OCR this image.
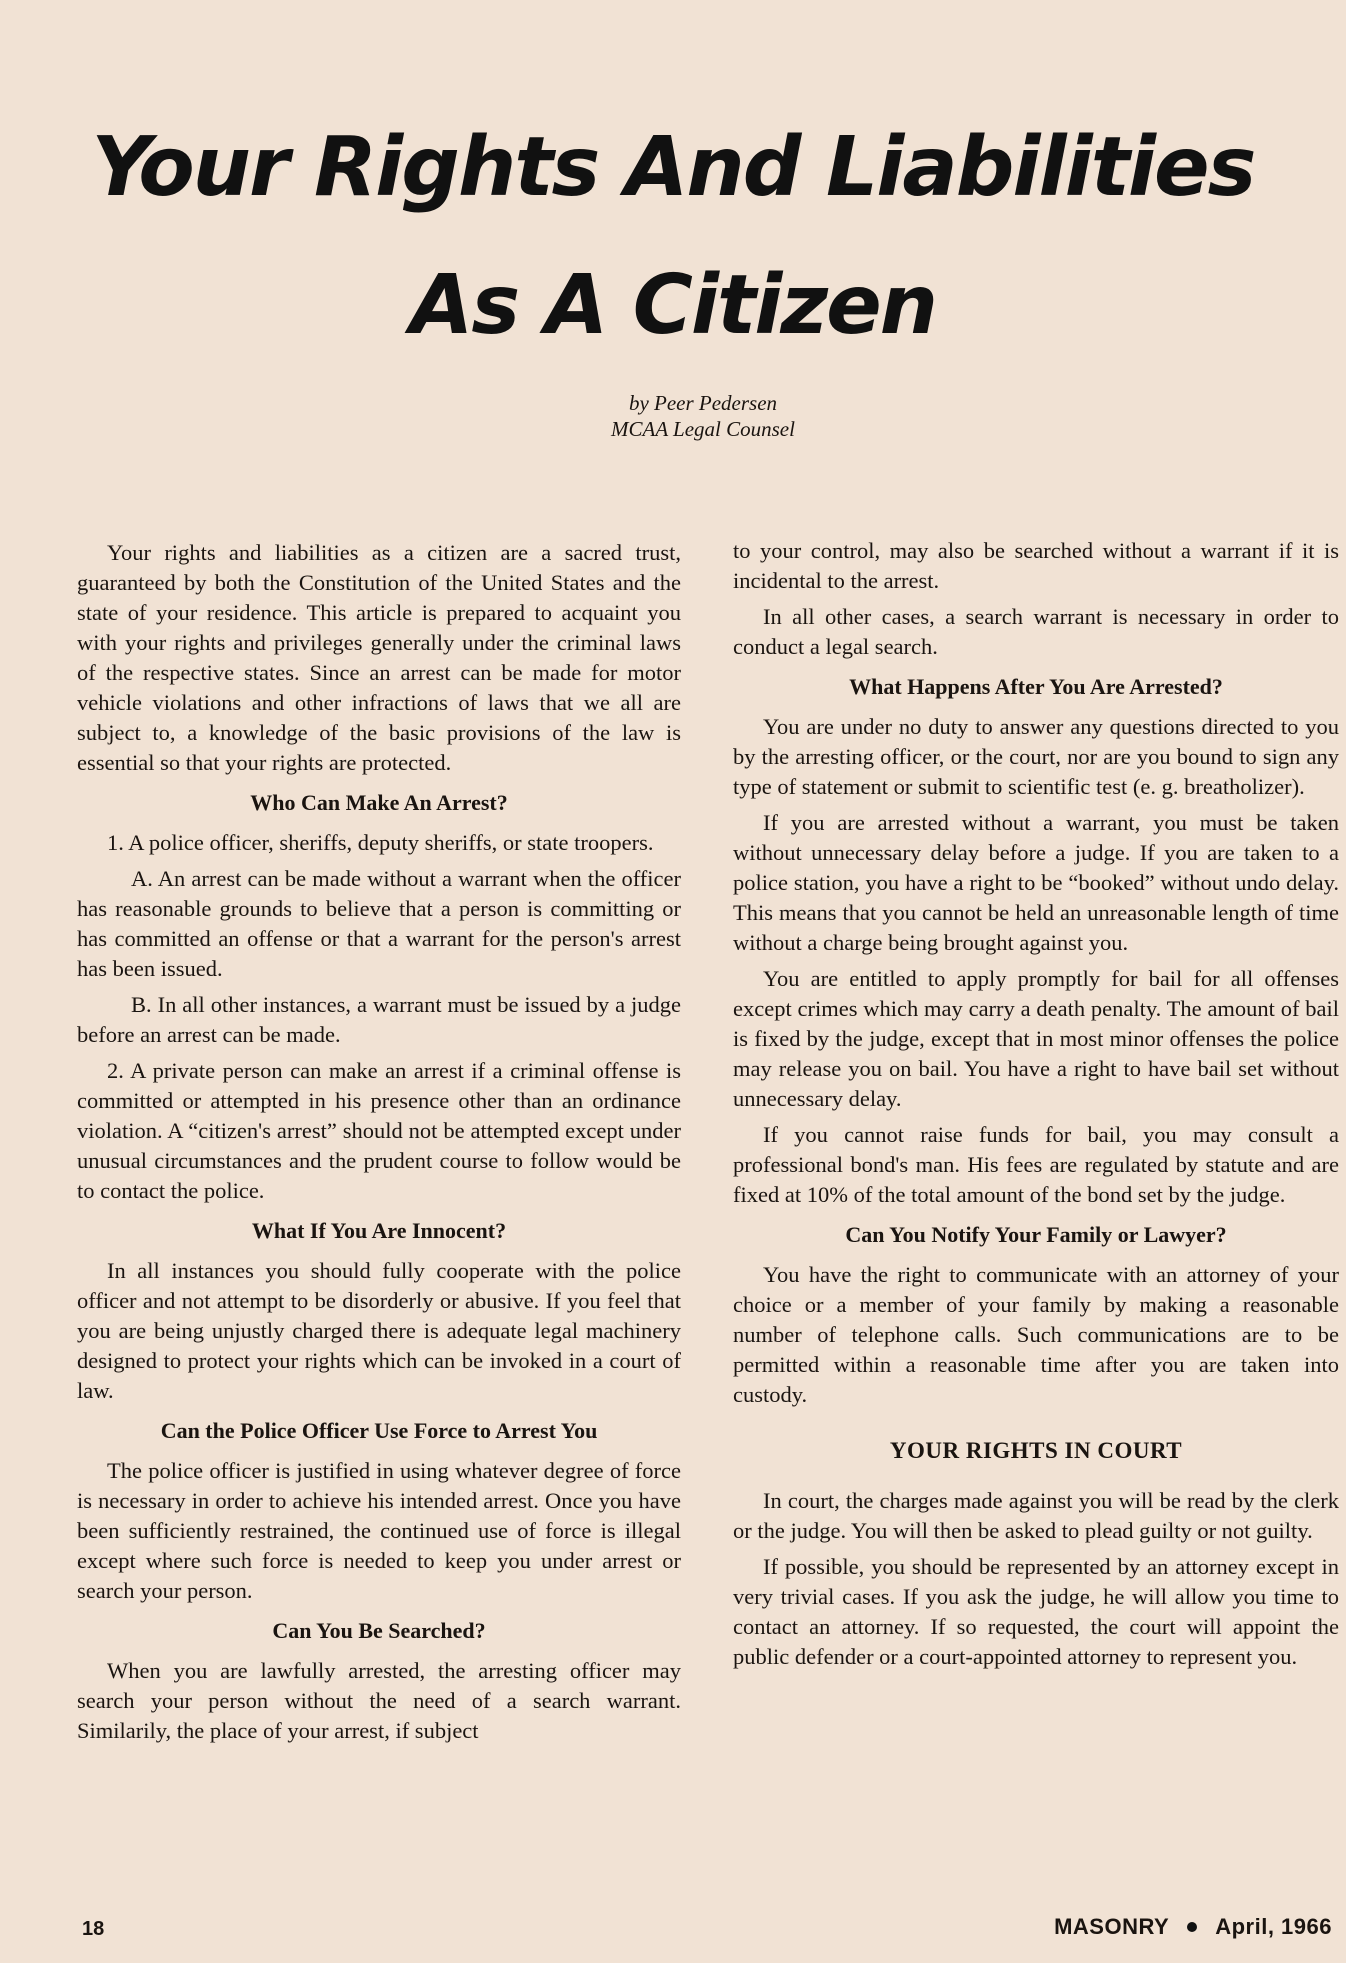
Your Rights And Liabilities
As A Citizen
by Peer Pedersen
MCAA Legal Counsel

Your rights and liabilities as a citizen are a sacred trust, guaranteed by both the Constitution of the United States and the state of your residence. This article is prepared to acquaint you with your rights and privileges generally under the criminal laws of the respective states. Since an arrest can be made for motor vehicle violations and other infractions of laws that we all are subject to, a knowledge of the basic provisions of the law is essential so that your rights are protected.

Who Can Make An Arrest?

1. A police officer, sheriffs, deputy sheriffs, or state troopers.

A. An arrest can be made without a warrant when the officer has reasonable grounds to believe that a person is committing or has committed an offense or that a warrant for the person's arrest has been issued.

B. In all other instances, a warrant must be issued by a judge before an arrest can be made.

2. A private person can make an arrest if a criminal offense is committed or attempted in his presence other than an ordinance violation. A “citizen's arrest” should not be attempted except under unusual circumstances and the prudent course to follow would be to contact the police.

What If You Are Innocent?

In all instances you should fully cooperate with the police officer and not attempt to be disorderly or abusive. If you feel that you are being unjustly charged there is adequate legal machinery designed to protect your rights which can be invoked in a court of law.

Can the Police Officer Use Force to Arrest You

The police officer is justified in using whatever degree of force is necessary in order to achieve his intended arrest. Once you have been sufficiently restrained, the continued use of force is illegal except where such force is needed to keep you under arrest or search your person.

Can You Be Searched?

When you are lawfully arrested, the arresting officer may search your person without the need of a search warrant. Similarily, the place of your arrest, if subject

to your control, may also be searched without a warrant if it is incidental to the arrest.

In all other cases, a search warrant is necessary in order to conduct a legal search.

What Happens After You Are Arrested?

You are under no duty to answer any questions directed to you by the arresting officer, or the court, nor are you bound to sign any type of statement or submit to scientific test (e. g. breatholizer).

If you are arrested without a warrant, you must be taken without unnecessary delay before a judge. If you are taken to a police station, you have a right to be “booked” without undo delay. This means that you cannot be held an unreasonable length of time without a charge being brought against you.

You are entitled to apply promptly for bail for all offenses except crimes which may carry a death penalty. The amount of bail is fixed by the judge, except that in most minor offenses the police may release you on bail. You have a right to have bail set without unnecessary delay.

If you cannot raise funds for bail, you may consult a professional bond's man. His fees are regulated by statute and are fixed at 10% of the total amount of the bond set by the judge.

Can You Notify Your Family or Lawyer?

You have the right to communicate with an attorney of your choice or a member of your family by making a reasonable number of telephone calls. Such communications are to be permitted within a reasonable time after you are taken into custody.

YOUR RIGHTS IN COURT

In court, the charges made against you will be read by the clerk or the judge. You will then be asked to plead guilty or not guilty.

If possible, you should be represented by an attorney except in very trivial cases. If you ask the judge, he will allow you time to contact an attorney. If so requested, the court will appoint the public defender or a court-appointed attorney to represent you.

18	MASONRY April, 1966
